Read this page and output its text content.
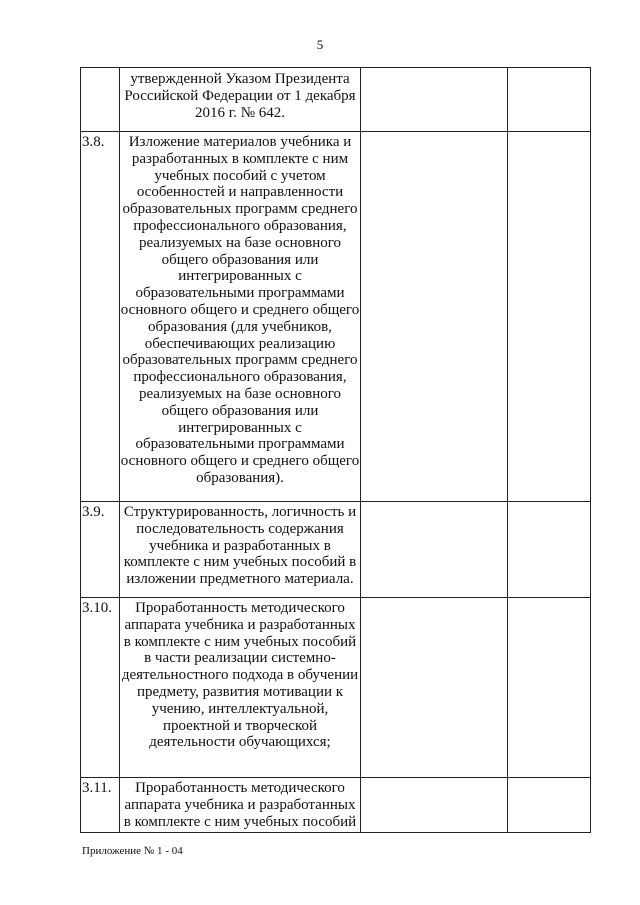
5

	утвержденной Указом Президента Российской Федерации от 1 декабря 2016 г. № 642.		

3.8.	Изложение материалов учебника и разработанных в комплекте с ним учебных пособий с учетом особенностей и направленности образовательных программ среднего профессионального образования, реализуемых на базе основного общего образования или интегрированных с образовательными программами основного общего и среднего общего образования (для учебников, обеспечивающих реализацию образовательных программ среднего профессионального образования, реализуемых на базе основного общего образования или интегрированных с образовательными программами основного общего и среднего общего образования).		

3.9.	Структурированность, логичность и последовательность содержания учебника и разработанных в комплекте с ним учебных пособий в изложении предметного материала.		

3.10.	Проработанность методического аппарата учебника и разработанных в комплекте с ним учебных пособий в части реализации системно-деятельностного подхода в обучении предмету, развития мотивации к учению, интеллектуальной, проектной и творческой деятельности обучающихся;		

3.11.	Проработанность методического аппарата учебника и разработанных в комплекте с ним учебных пособий		

Приложение № 1 - 04
